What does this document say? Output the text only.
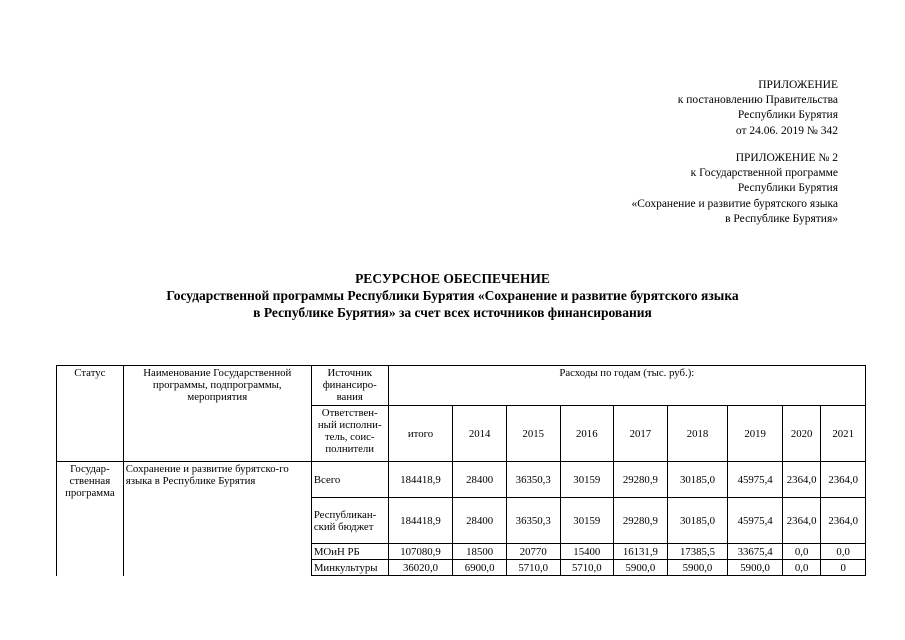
ПРИЛОЖЕНИЕ
к постановлению Правительства
Республики Бурятия
от 24.06. 2019 № 342
ПРИЛОЖЕНИЕ № 2
к Государственной программе
Республики Бурятия
«Сохранение и развитие бурятского языка
в Республике Бурятия»
РЕСУРСНОЕ ОБЕСПЕЧЕНИЕ
Государственной программы Республики Бурятия «Сохранение и развитие бурятского языка
в Республике Бурятия» за счет всех источников финансирования
Статус	Наименование Государственной программы, подпрограммы, мероприятия	Источник финансиро-вания	Расходы по годам (тыс. руб.):								
		Ответствен-ный исполни-тель, соис-полнители	итого	2014	2015	2016	2017	2018	2019	2020	2021
Государ-ственная программа	Сохранение и развитие бурятско-го языка в Республике Бурятия	Всего	184418,9	28400	36350,3	30159	29280,9	30185,0	45975,4	2364,0	2364,0
		Республикан-ский бюджет	184418,9	28400	36350,3	30159	29280,9	30185,0	45975,4	2364,0	2364,0
		МОиН РБ	107080,9	18500	20770	15400	16131,9	17385,5	33675,4	0,0	0,0
		Минкультуры	36020,0	6900,0	5710,0	5710,0	5900,0	5900,0	5900,0	0,0	0
